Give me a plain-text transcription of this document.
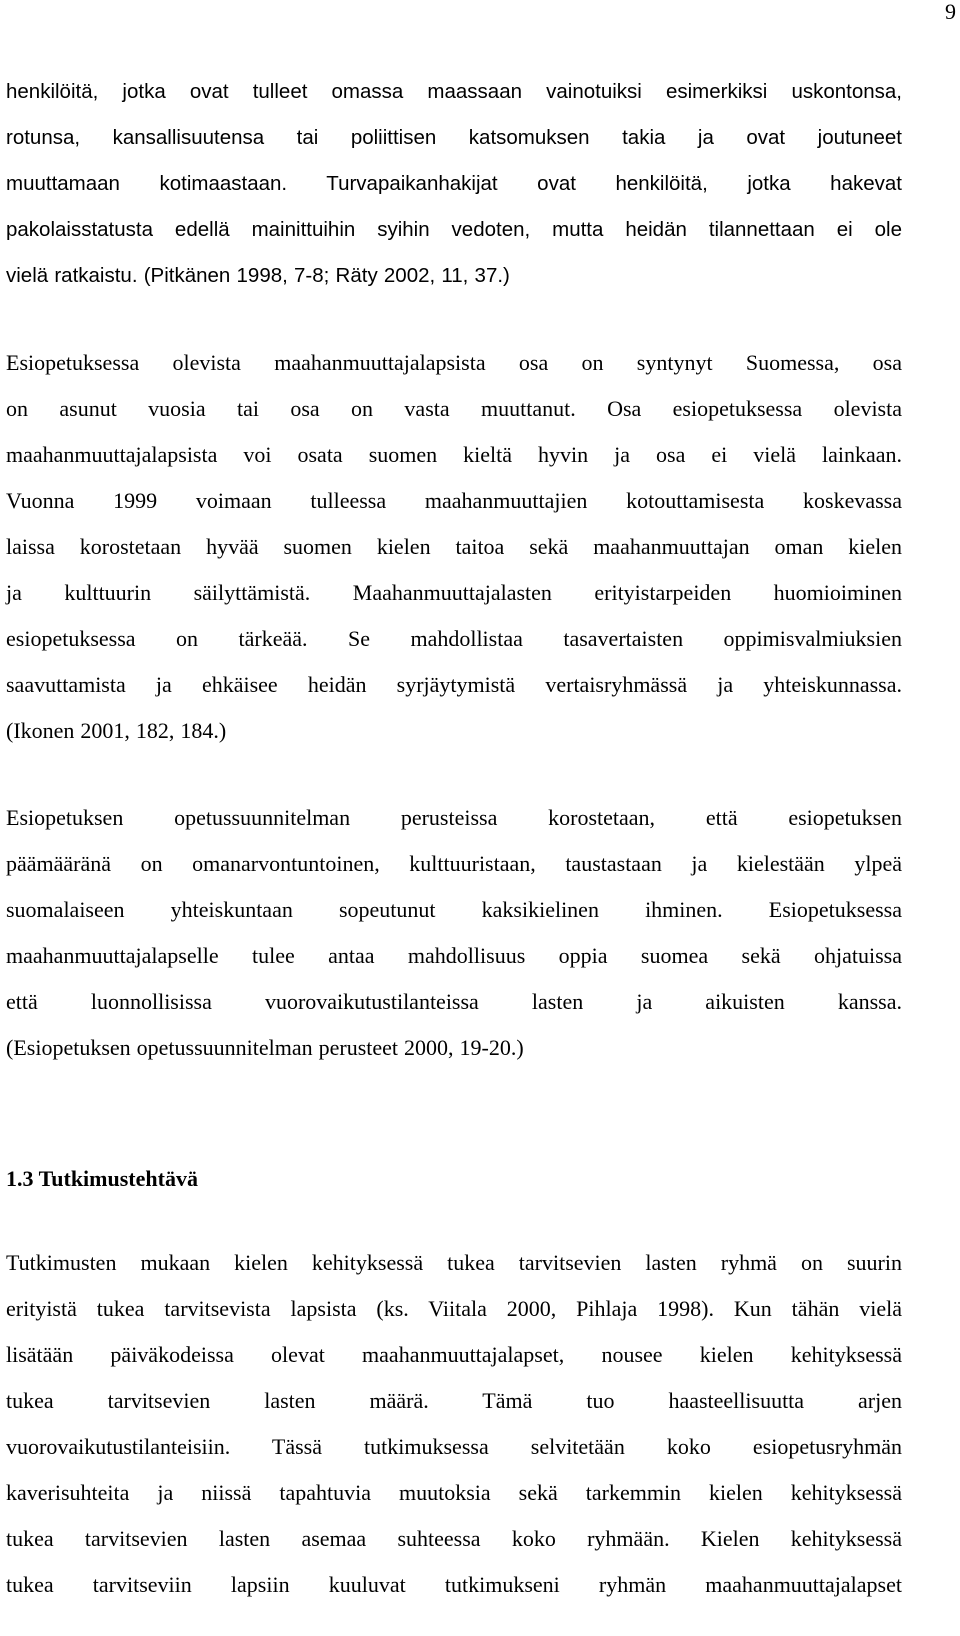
9
henkilöitä, jotka ovat tulleet omassa maassaan vainotuiksi esimerkiksi uskontonsa,
rotunsa, kansallisuutensa tai poliittisen katsomuksen takia ja ovat joutuneet
muuttamaan kotimaastaan. Turvapaikanhakijat ovat henkilöitä, jotka hakevat
pakolaisstatusta edellä mainittuihin syihin vedoten, mutta heidän tilannettaan ei ole
vielä ratkaistu. (Pitkänen 1998, 7-8; Räty 2002, 11, 37.)
Esiopetuksessa olevista maahanmuuttajalapsista osa on syntynyt Suomessa, osa
on asunut vuosia tai osa on vasta muuttanut. Osa esiopetuksessa olevista
maahanmuuttajalapsista voi osata suomen kieltä hyvin ja osa ei vielä lainkaan.
Vuonna 1999 voimaan tulleessa maahanmuuttajien kotouttamisesta koskevassa
laissa korostetaan hyvää suomen kielen taitoa sekä maahanmuuttajan oman kielen
ja kulttuurin säilyttämistä. Maahanmuuttajalasten erityistarpeiden huomioiminen
esiopetuksessa on tärkeää. Se mahdollistaa tasavertaisten oppimisvalmiuksien
saavuttamista ja ehkäisee heidän syrjäytymistä vertaisryhmässä ja yhteiskunnassa.
(Ikonen 2001, 182, 184.)
Esiopetuksen opetussuunnitelman perusteissa korostetaan, että esiopetuksen
päämääränä on omanarvontuntoinen, kulttuuristaan, taustastaan ja kielestään ylpeä
suomalaiseen yhteiskuntaan sopeutunut kaksikielinen ihminen. Esiopetuksessa
maahanmuuttajalapselle tulee antaa mahdollisuus oppia suomea sekä ohjatuissa
että luonnollisissa vuorovaikutustilanteissa lasten ja aikuisten kanssa.
(Esiopetuksen opetussuunnitelman perusteet 2000, 19-20.)
1.3 Tutkimustehtävä
Tutkimusten mukaan kielen kehityksessä tukea tarvitsevien lasten ryhmä on suurin
erityistä tukea tarvitsevista lapsista (ks. Viitala 2000, Pihlaja 1998). Kun tähän vielä
lisätään päiväkodeissa olevat maahanmuuttajalapset, nousee kielen kehityksessä
tukea tarvitsevien lasten määrä. Tämä tuo haasteellisuutta arjen
vuorovaikutustilanteisiin. Tässä tutkimuksessa selvitetään koko esiopetusryhmän
kaverisuhteita ja niissä tapahtuvia muutoksia sekä tarkemmin kielen kehityksessä
tukea tarvitsevien lasten asemaa suhteessa koko ryhmään. Kielen kehityksessä
tukea tarvitseviin lapsiin kuuluvat tutkimukseni ryhmän maahanmuuttajalapset
